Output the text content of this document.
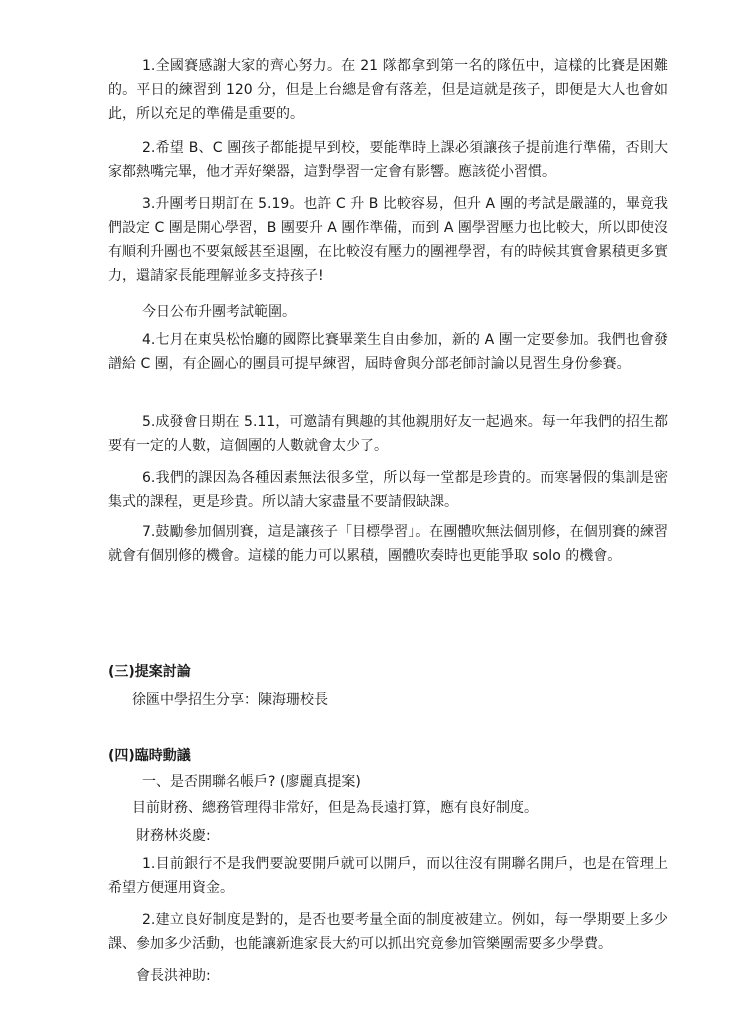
1.全國賽感謝大家的齊心努力。在 21 隊都拿到第一名的隊伍中，這樣的比賽是困難的。平日的練習到 120 分，但是上台總是會有落差，但是這就是孩子，即便是大人也會如此，所以充足的準備是重要的。

2.希望 B、C 團孩子都能提早到校，要能準時上課必須讓孩子提前進行準備，否則大家都熱嘴完畢，他才弄好樂器，這對學習一定會有影響。應該從小習慣。

3.升團考日期訂在 5.19。也許 C 升 B 比較容易，但升 A 團的考試是嚴謹的，畢竟我們設定 C 團是開心學習，B 團要升 A 團作準備，而到 A 團學習壓力也比較大，所以即使沒有順利升團也不要氣餒甚至退團，在比較沒有壓力的團裡學習，有的時候其實會累積更多實力，還請家長能理解並多支持孩子!

今日公布升團考試範圍。

4.七月在東吳松怡廳的國際比賽畢業生自由參加，新的 A 團一定要參加。我們也會發譜給 C 團，有企圖心的團員可提早練習，屆時會與分部老師討論以見習生身份參賽。

5.成發會日期在 5.11，可邀請有興趣的其他親朋好友一起過來。每一年我們的招生都要有一定的人數，這個團的人數就會太少了。

6.我們的課因為各種因素無法很多堂，所以每一堂都是珍貴的。而寒暑假的集訓是密集式的課程，更是珍貴。所以請大家盡量不要請假缺課。

7.鼓勵參加個別賽，這是讓孩子「目標學習」。在團體吹無法個別修，在個別賽的練習就會有個別修的機會。這樣的能力可以累積，團體吹奏時也更能爭取 solo 的機會。

(三)提案討論

徐匯中學招生分享：陳海珊校長

(四)臨時動議

一、是否開聯名帳戶? (廖麗真提案)

目前財務、總務管理得非常好，但是為長遠打算，應有良好制度。

財務林炎慶:

1.目前銀行不是我們要說要開戶就可以開戶，而以往沒有開聯名開戶，也是在管理上希望方便運用資金。

2.建立良好制度是對的，是否也要考量全面的制度被建立。例如，每一學期要上多少課、參加多少活動，也能讓新進家長大約可以抓出究竟參加管樂團需要多少學費。

會長洪神助:
